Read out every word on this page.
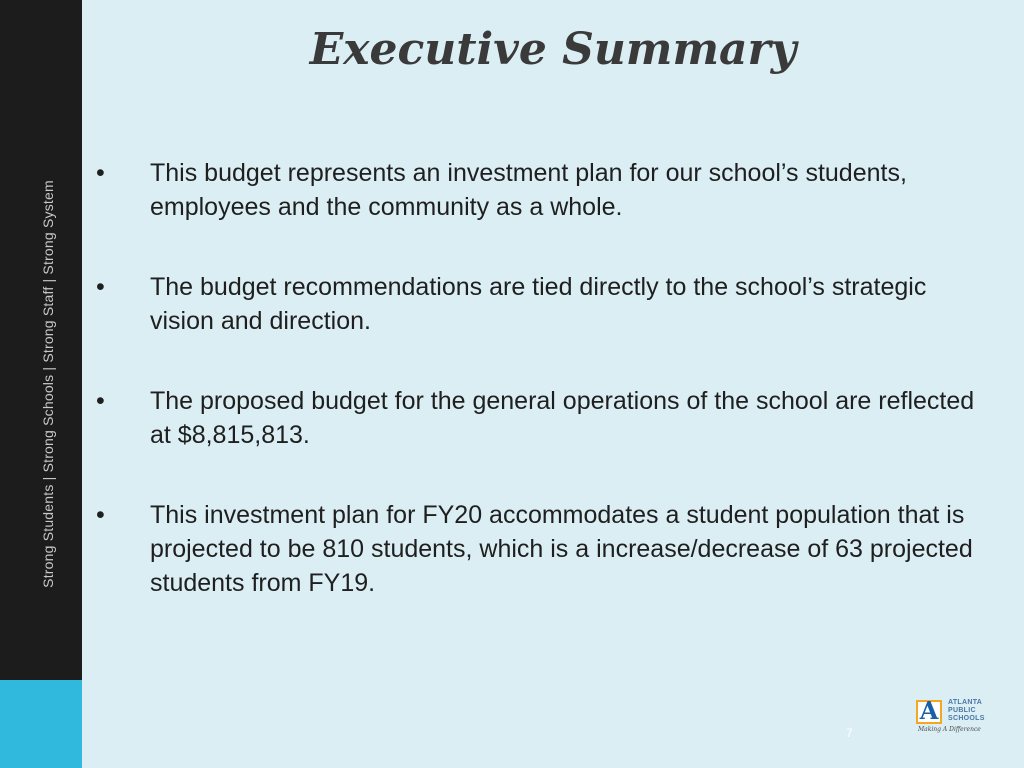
Strong Students | Strong Schools | Strong Staff | Strong System
Executive Summary
• This budget represents an investment plan for our school’s students, employees and the community as a whole.
• The budget recommendations are tied directly to the school’s strategic vision and direction.
• The proposed budget for the general operations of the school are reflected at $8,815,813.
• This investment plan for FY20 accommodates a student population that is projected to be 810 students, which is a increase/decrease of 63 projected students from FY19.
7
A ATLANTA
PUBLIC
SCHOOLS
Making A Difference
